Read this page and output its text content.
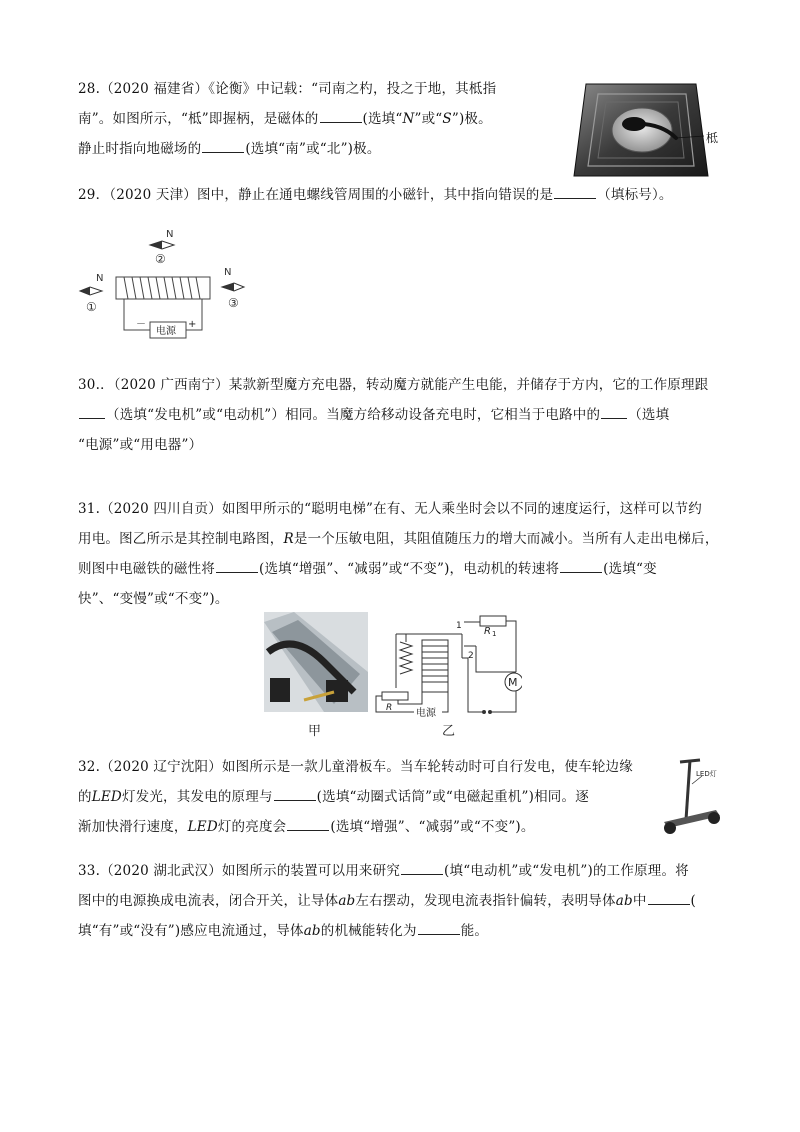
28.（2020 福建省）《论衡》中记载：“司南之杓，投之于地，其柢指
南”。如图所示，“柢”即握柄，是磁体的	(选填“N”或“S”)极。
静止时指向地磁场的	(选填“南”或“北”)极。
柢
29．（2020 天津）图中，静止在通电螺线管周围的小磁针，其中指向错误的是	（填标号）。
N
②
N
①
N
③
电源
－	+
30.．（2020 广西南宁）某款新型魔方充电器，转动魔方就能产生电能，并储存于方内，它的工作原理跟
（选填“发电机”或“电动机”）相同。当魔方给移动设备充电时，它相当于电路中的 （选填
“电源”或“用电器”）
31.（2020 四川自贡）如图甲所示的“聪明电梯”在有、无人乘坐时会以不同的速度运行，这样可以节约
用电。图乙所示是其控制电路图，R是一个压敏电阻，其阻值随压力的增大而减小。当所有人走出电梯后，
则图中电磁铁的磁性将	(选填“增强”、“减弱”或“不变”)，电动机的转速将	(选填“变
快”、“变慢”或“不变”)。
甲
M
R 1
1
2
R 电源
乙
32.（2020 辽宁沈阳）如图所示是一款儿童滑板车。当车轮转动时可自行发电，使车轮边缘
的LED灯发光，其发电的原理与	(选填“动圈式话筒”或“电磁起重机”)相同。逐
渐加快滑行速度，LED灯的亮度会	(选填“增强”、“减弱”或“不变”)。
LED灯
33.（2020 湖北武汉）如图所示的装置可以用来研究	(填“电动机”或“发电机”)的工作原理。将
图中的电源换成电流表，闭合开关，让导体ab左右摆动，发现电流表指针偏转，表明导体ab中	(
填“有”或“没有”)感应电流通过，导体ab的机械能转化为	能。
